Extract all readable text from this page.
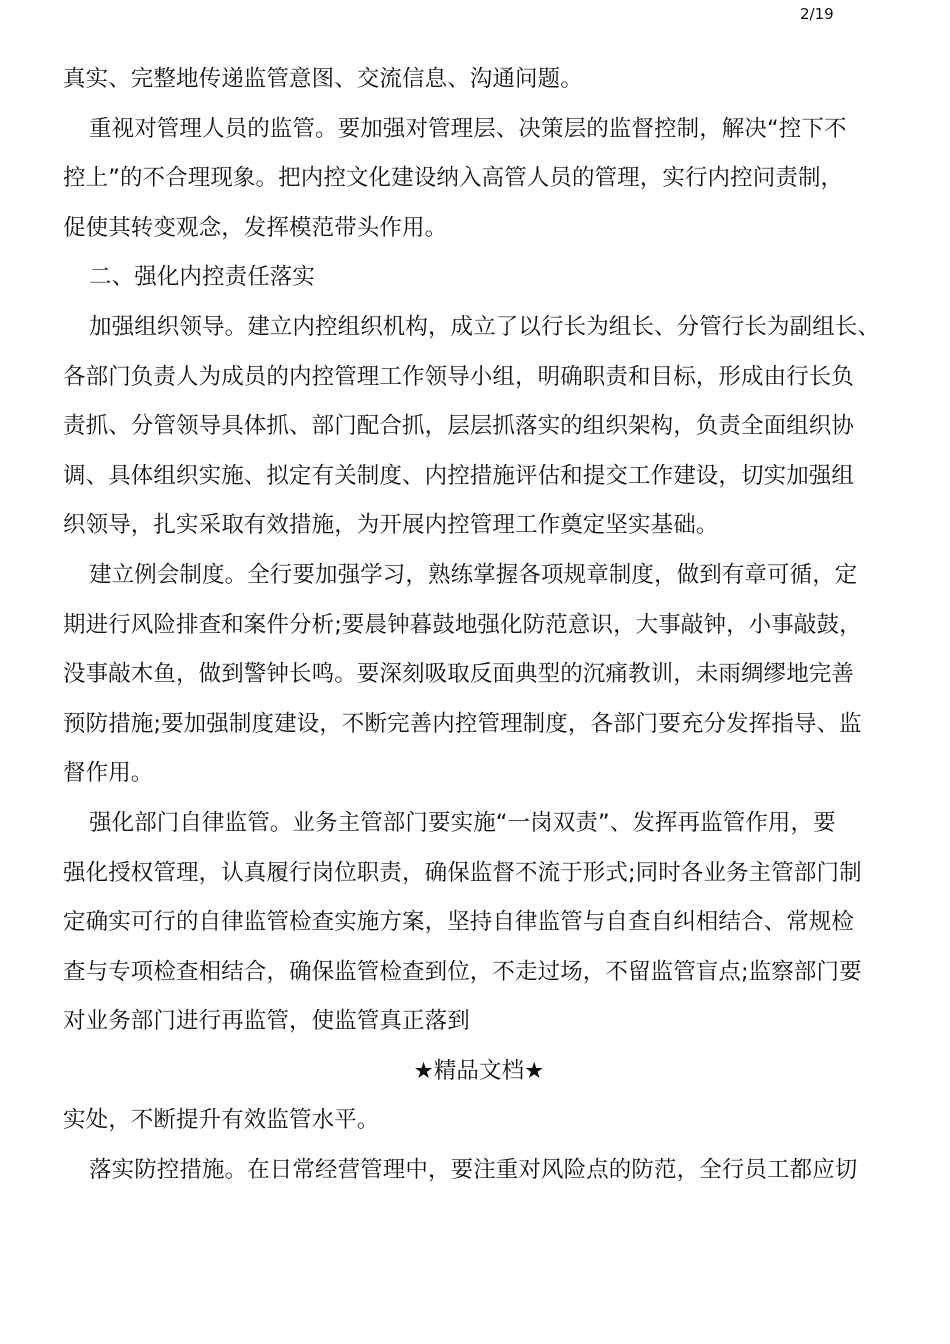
2/19

真实、完整地传递监管意图、交流信息、沟通问题。

重视对管理人员的监管。要加强对管理层、决策层的监督控制，解决“控下不

控上”的不合理现象。把内控文化建设纳入高管人员的管理，实行内控问责制，

促使其转变观念，发挥模范带头作用。

二、强化内控责任落实

加强组织领导。建立内控组织机构，成立了以行长为组长、分管行长为副组长、

各部门负责人为成员的内控管理工作领导小组，明确职责和目标，形成由行长负

责抓、分管领导具体抓、部门配合抓，层层抓落实的组织架构，负责全面组织协

调、具体组织实施、拟定有关制度、内控措施评估和提交工作建设，切实加强组

织领导，扎实采取有效措施，为开展内控管理工作奠定坚实基础。

建立例会制度。全行要加强学习，熟练掌握各项规章制度，做到有章可循，定

期进行风险排查和案件分析;要晨钟暮鼓地强化防范意识，大事敲钟，小事敲鼓，

没事敲木鱼，做到警钟长鸣。要深刻吸取反面典型的沉痛教训，未雨绸缪地完善

预防措施;要加强制度建设，不断完善内控管理制度，各部门要充分发挥指导、监

督作用。

强化部门自律监管。业务主管部门要实施“一岗双责”、发挥再监管作用，要

强化授权管理，认真履行岗位职责，确保监督不流于形式;同时各业务主管部门制

定确实可行的自律监管检查实施方案，坚持自律监管与自查自纠相结合、常规检

查与专项检查相结合，确保监管检查到位，不走过场，不留监管盲点;监察部门要

对业务部门进行再监管，使监管真正落到

★精品文档★

实处，不断提升有效监管水平。

落实防控措施。在日常经营管理中，要注重对风险点的防范，全行员工都应切
